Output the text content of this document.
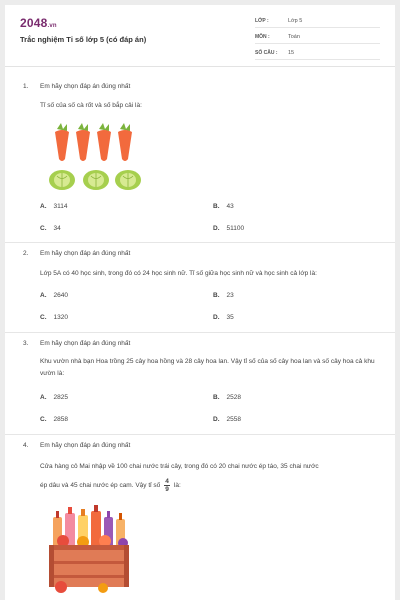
2048.vn
Trắc nghiệm Tỉ số lớp 5 (có đáp án)
LỚP :	Lớp 5
MÔN :	Toán
SỐ CÂU : 15
1. Em hãy chọn đáp án đúng nhất
Tỉ số của số cà rốt và số bắp cải là:
A. 3114	B. 43
C. 34	D. 51100
2. Em hãy chọn đáp án đúng nhất
Lớp 5A có 40 học sinh, trong đó có 24 học sinh nữ. Tỉ số giữa học sinh nữ và học sinh cả lớp là:
A. 2640	B. 23
C. 1320	D. 35
3. Em hãy chọn đáp án đúng nhất
Khu vườn nhà bạn Hoa trồng 25 cây hoa hồng và 28 cây hoa lan. Vậy tỉ số của số cây hoa lan và số cây hoa cả khu vườn là:
A. 2825	B. 2528
C. 2858	D. 2558
4. Em hãy chọn đáp án đúng nhất
Cửa hàng cô Mai nhập về 100 chai nước trái cây, trong đó có 20 chai nước ép táo, 35 chai nước
ép dâu và 45 chai nước ép cam. Vậy tỉ số $\frac{4}{9}$ là:
